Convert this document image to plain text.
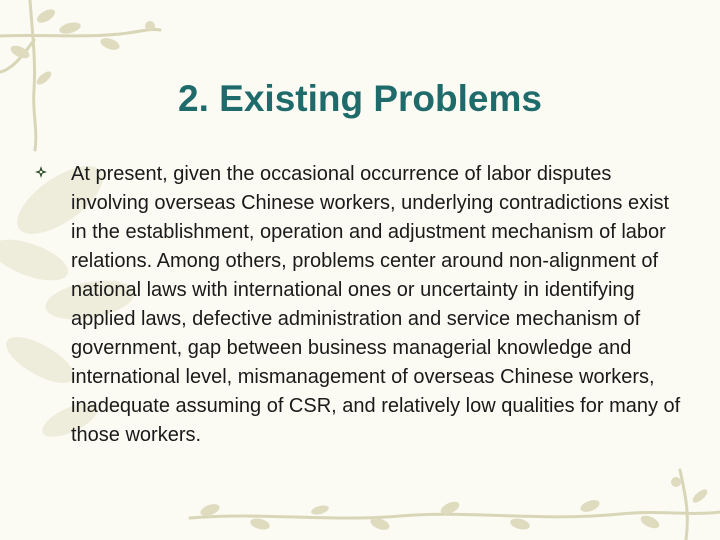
2. Existing Problems

At present, given the occasional occurrence of labor disputes involving overseas Chinese workers, underlying contradictions exist in the establishment, operation and adjustment mechanism of labor relations. Among others, problems center around non-alignment of national laws with international ones or uncertainty in identifying applied laws, defective administration and service mechanism of government, gap between business managerial knowledge and international level, mismanagement of overseas Chinese workers, inadequate assuming of CSR, and relatively low qualities for many of those workers.
